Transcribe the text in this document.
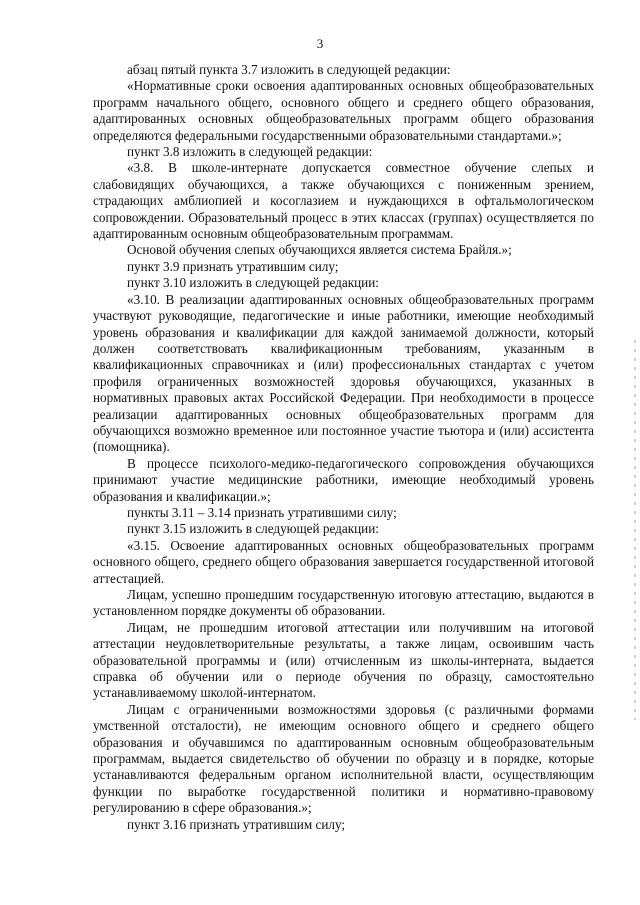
3

абзац пятый пункта 3.7 изложить в следующей редакции:

«Нормативные сроки освоения адаптированных основных общеобразовательных программ начального общего, основного общего и среднего общего образования, адаптированных основных общеобразовательных программ общего образования определяются федеральными государственными образовательными стандартами.»;

пункт 3.8 изложить в следующей редакции:

«3.8. В школе-интернате допускается совместное обучение слепых и слабовидящих обучающихся, а также обучающихся с пониженным зрением, страдающих амблиопией и косоглазием и нуждающихся в офтальмологическом сопровождении. Образовательный процесс в этих классах (группах) осуществляется по адаптированным основным общеобразовательным программам.

Основой обучения слепых обучающихся является система Брайля.»;

пункт 3.9 признать утратившим силу;

пункт 3.10 изложить в следующей редакции:

«3.10. В реализации адаптированных основных общеобразовательных программ участвуют руководящие, педагогические и иные работники, имеющие необходимый уровень образования и квалификации для каждой занимаемой должности, который должен соответствовать квалификационным требованиям, указанным в квалификационных справочниках и (или) профессиональных стандартах с учетом профиля ограниченных возможностей здоровья обучающихся, указанных в нормативных правовых актах Российской Федерации. При необходимости в процессе реализации адаптированных основных общеобразовательных программ для обучающихся возможно временное или постоянное участие тьютора и (или) ассистента (помощника).

В процессе психолого-медико-педагогического сопровождения обучающихся принимают участие медицинские работники, имеющие необходимый уровень образования и квалификации.»;

пункты 3.11 – 3.14 признать утратившими силу;

пункт 3.15 изложить в следующей редакции:

«3.15. Освоение адаптированных основных общеобразовательных программ основного общего, среднего общего образования завершается государственной итоговой аттестацией.

Лицам, успешно прошедшим государственную итоговую аттестацию, выдаются в установленном порядке документы об образовании.

Лицам, не прошедшим итоговой аттестации или получившим на итоговой аттестации неудовлетворительные результаты, а также лицам, освоившим часть образовательной программы и (или) отчисленным из школы-интерната, выдается справка об обучении или о периоде обучения по образцу, самостоятельно устанавливаемому школой-интернатом.

Лицам с ограниченными возможностями здоровья (с различными формами умственной отсталости), не имеющим основного общего и среднего общего образования и обучавшимся по адаптированным основным общеобразовательным программам, выдается свидетельство об обучении по образцу и в порядке, которые устанавливаются федеральным органом исполнительной власти, осуществляющим функции по выработке государственной политики и нормативно-правовому регулированию в сфере образования.»;

пункт 3.16 признать утратившим силу;
